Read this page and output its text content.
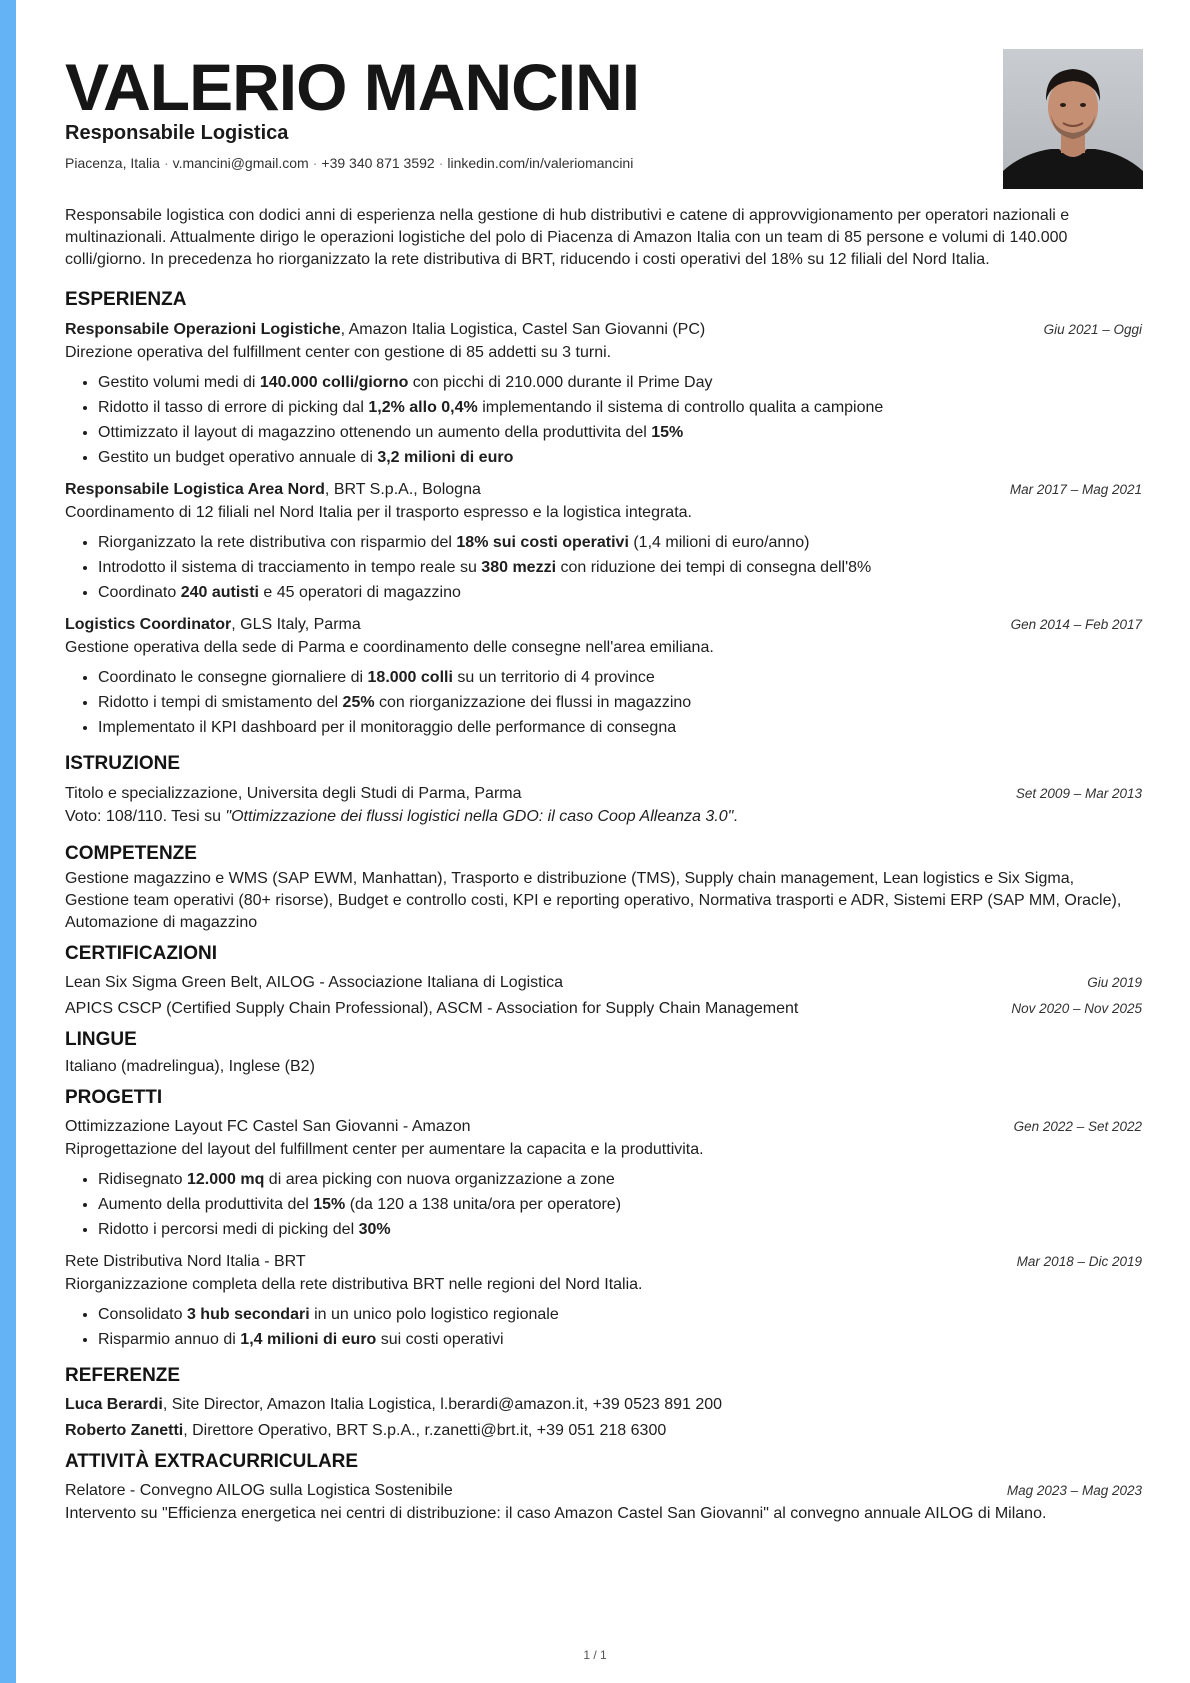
VALERIO MANCINI
Responsabile Logistica
Piacenza, Italia · v.mancini@gmail.com · +39 340 871 3592 · linkedin.com/in/valeriomancini

Responsabile logistica con dodici anni di esperienza nella gestione di hub distributivi e catene di approvvigionamento per operatori nazionali e multinazionali. Attualmente dirigo le operazioni logistiche del polo di Piacenza di Amazon Italia con un team di 85 persone e volumi di 140.000 colli/giorno. In precedenza ho riorganizzato la rete distributiva di BRT, riducendo i costi operativi del 18% su 12 filiali del Nord Italia.

ESPERIENZA
Responsabile Operazioni Logistiche, Amazon Italia Logistica, Castel San Giovanni (PC)	Giu 2021 – Oggi
Direzione operativa del fulfillment center con gestione di 85 addetti su 3 turni.
• Gestito volumi medi di 140.000 colli/giorno con picchi di 210.000 durante il Prime Day
• Ridotto il tasso di errore di picking dal 1,2% allo 0,4% implementando il sistema di controllo qualita a campione
• Ottimizzato il layout di magazzino ottenendo un aumento della produttivita del 15%
• Gestito un budget operativo annuale di 3,2 milioni di euro
Responsabile Logistica Area Nord, BRT S.p.A., Bologna	Mar 2017 – Mag 2021
Coordinamento di 12 filiali nel Nord Italia per il trasporto espresso e la logistica integrata.
• Riorganizzato la rete distributiva con risparmio del 18% sui costi operativi (1,4 milioni di euro/anno)
• Introdotto il sistema di tracciamento in tempo reale su 380 mezzi con riduzione dei tempi di consegna dell'8%
• Coordinato 240 autisti e 45 operatori di magazzino
Logistics Coordinator, GLS Italy, Parma	Gen 2014 – Feb 2017
Gestione operativa della sede di Parma e coordinamento delle consegne nell'area emiliana.
• Coordinato le consegne giornaliere di 18.000 colli su un territorio di 4 province
• Ridotto i tempi di smistamento del 25% con riorganizzazione dei flussi in magazzino
• Implementato il KPI dashboard per il monitoraggio delle performance di consegna
ISTRUZIONE
Titolo e specializzazione, Universita degli Studi di Parma, Parma	Set 2009 – Mar 2013
Voto: 108/110. Tesi su "Ottimizzazione dei flussi logistici nella GDO: il caso Coop Alleanza 3.0".
COMPETENZE
Gestione magazzino e WMS (SAP EWM, Manhattan), Trasporto e distribuzione (TMS), Supply chain management, Lean logistics e Six Sigma, Gestione team operativi (80+ risorse), Budget e controllo costi, KPI e reporting operativo, Normativa trasporti e ADR, Sistemi ERP (SAP MM, Oracle), Automazione di magazzino
CERTIFICAZIONI
Lean Six Sigma Green Belt, AILOG - Associazione Italiana di Logistica	Giu 2019
APICS CSCP (Certified Supply Chain Professional), ASCM - Association for Supply Chain Management	Nov 2020 – Nov 2025
LINGUE
Italiano (madrelingua), Inglese (B2)
PROGETTI
Ottimizzazione Layout FC Castel San Giovanni - Amazon	Gen 2022 – Set 2022
Riprogettazione del layout del fulfillment center per aumentare la capacita e la produttivita.
• Ridisegnato 12.000 mq di area picking con nuova organizzazione a zone
• Aumento della produttivita del 15% (da 120 a 138 unita/ora per operatore)
• Ridotto i percorsi medi di picking del 30%
Rete Distributiva Nord Italia - BRT	Mar 2018 – Dic 2019
Riorganizzazione completa della rete distributiva BRT nelle regioni del Nord Italia.
• Consolidato 3 hub secondari in un unico polo logistico regionale
• Risparmio annuo di 1,4 milioni di euro sui costi operativi
REFERENZE
Luca Berardi, Site Director, Amazon Italia Logistica, l.berardi@amazon.it, +39 0523 891 200
Roberto Zanetti, Direttore Operativo, BRT S.p.A., r.zanetti@brt.it, +39 051 218 6300
ATTIVITÀ EXTRACURRICULARE
Relatore - Convegno AILOG sulla Logistica Sostenibile	Mag 2023 – Mag 2023
Intervento su "Efficienza energetica nei centri di distribuzione: il caso Amazon Castel San Giovanni" al convegno annuale AILOG di Milano.
1 / 1
